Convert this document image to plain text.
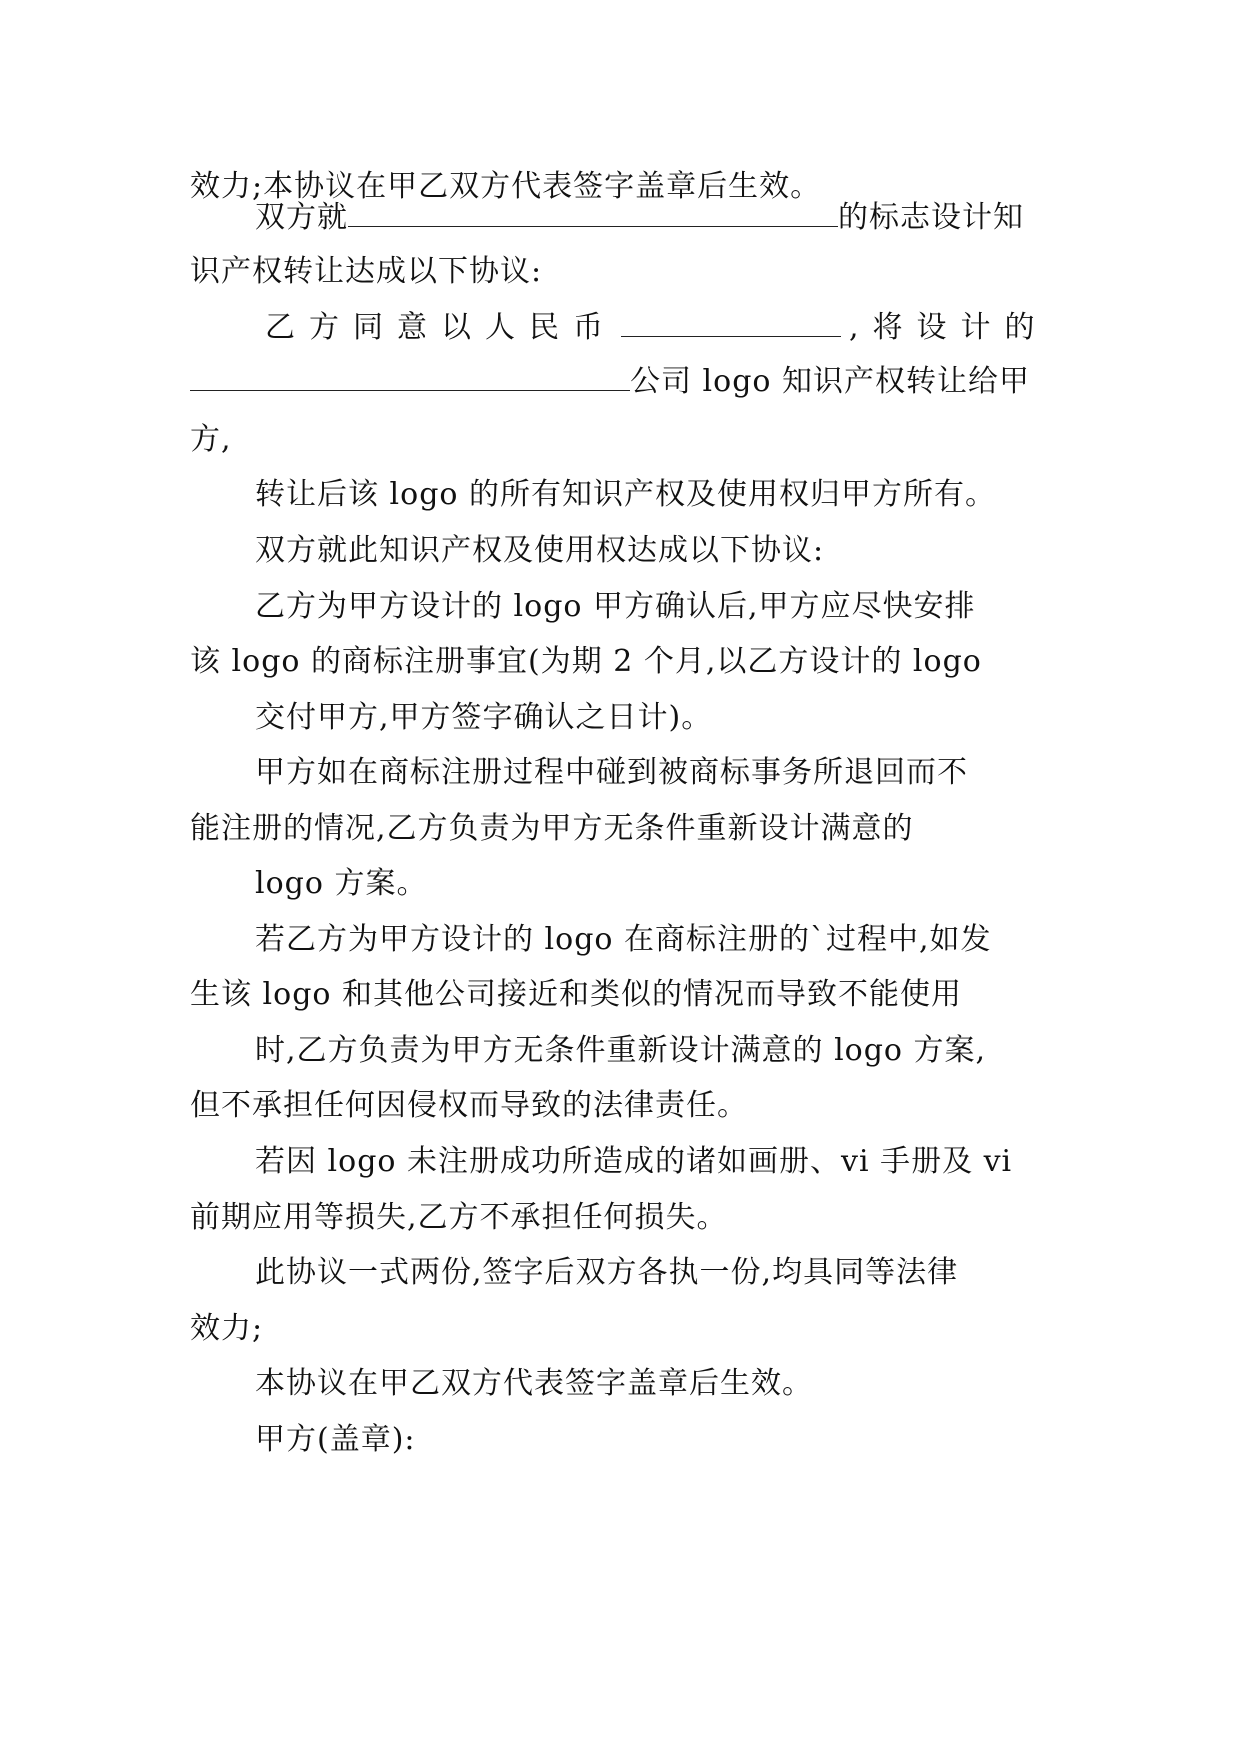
效力;本协议在甲乙双方代表签字盖章后生效。
双方就	的标志设计知
识产权转让达成以下协议:
乙方同意以人民币	,将设计的
公司 logo 知识产权转让给甲
方,
转让后该 logo 的所有知识产权及使用权归甲方所有。
双方就此知识产权及使用权达成以下协议:
乙方为甲方设计的 logo 甲方确认后,甲方应尽快安排
该 logo 的商标注册事宜(为期 2 个月,以乙方设计的 logo
交付甲方,甲方签字确认之日计)。
甲方如在商标注册过程中碰到被商标事务所退回而不
能注册的情况,乙方负责为甲方无条件重新设计满意的
logo 方案。
若乙方为甲方设计的 logo 在商标注册的`过程中,如发
生该 logo 和其他公司接近和类似的情况而导致不能使用
时,乙方负责为甲方无条件重新设计满意的 logo 方案,
但不承担任何因侵权而导致的法律责任。
若因 logo 未注册成功所造成的诸如画册、vi 手册及 vi
前期应用等损失,乙方不承担任何损失。
此协议一式两份,签字后双方各执一份,均具同等法律
效力;
本协议在甲乙双方代表签字盖章后生效。
甲方(盖章):
